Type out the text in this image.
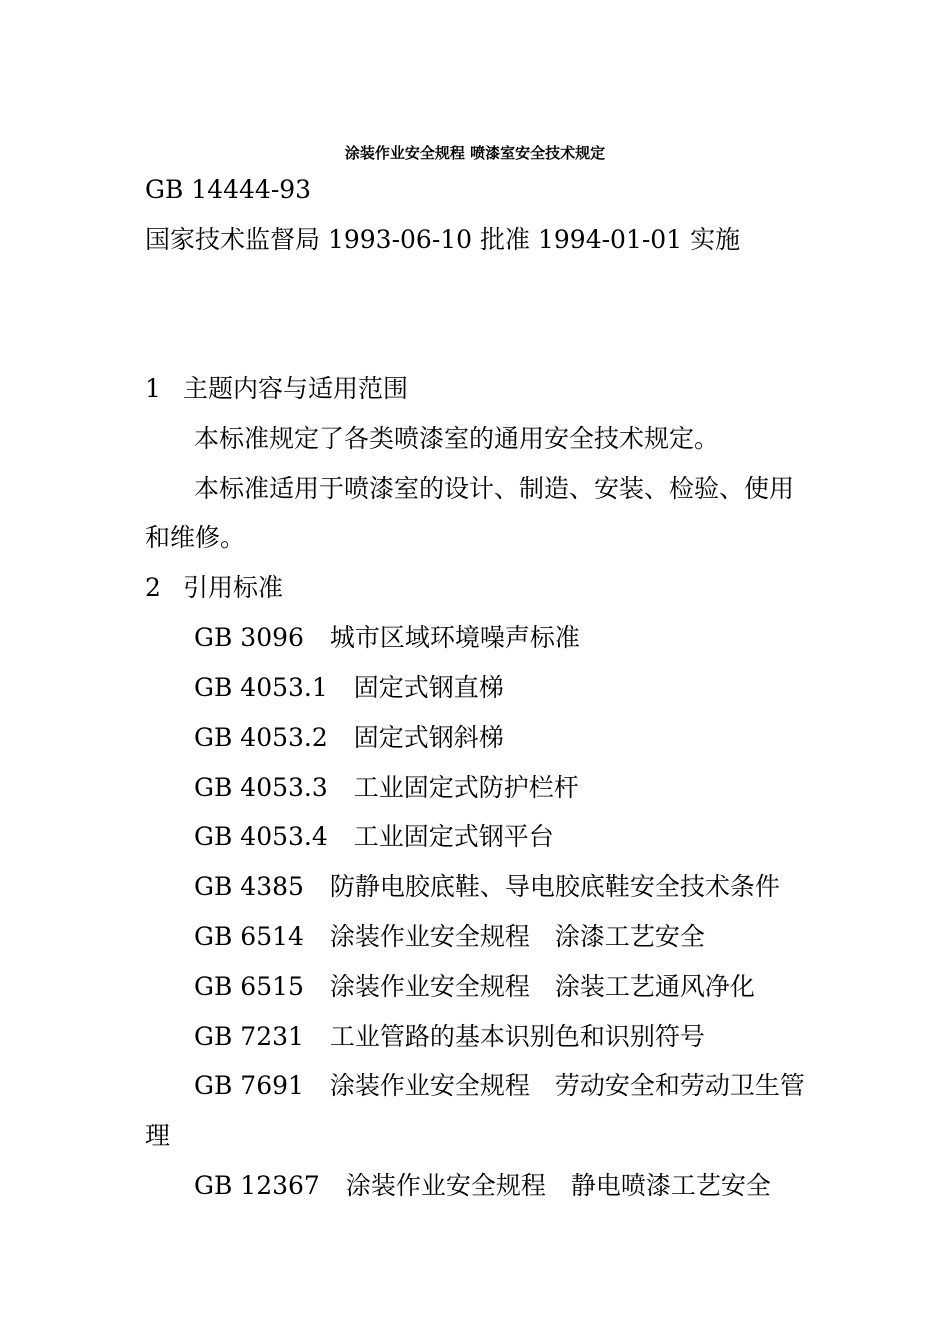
涂装作业安全规程 喷漆室安全技术规定
GB 14444-93
国家技术监督局 1993-06-10 批准 1994-01-01 实施
1 主题内容与适用范围
本标准规定了各类喷漆室的通用安全技术规定。
本标准适用于喷漆室的设计、制造、安装、检验、使用
和维修。
2 引用标准
GB 3096 城市区域环境噪声标准
GB 4053.1 固定式钢直梯
GB 4053.2 固定式钢斜梯
GB 4053.3 工业固定式防护栏杆
GB 4053.4 工业固定式钢平台
GB 4385 防静电胶底鞋、导电胶底鞋安全技术条件
GB 6514 涂装作业安全规程　涂漆工艺安全
GB 6515 涂装作业安全规程　涂装工艺通风净化
GB 7231 工业管路的基本识别色和识别符号
GB 7691 涂装作业安全规程　劳动安全和劳动卫生管
理
GB 12367 涂装作业安全规程　静电喷漆工艺安全
